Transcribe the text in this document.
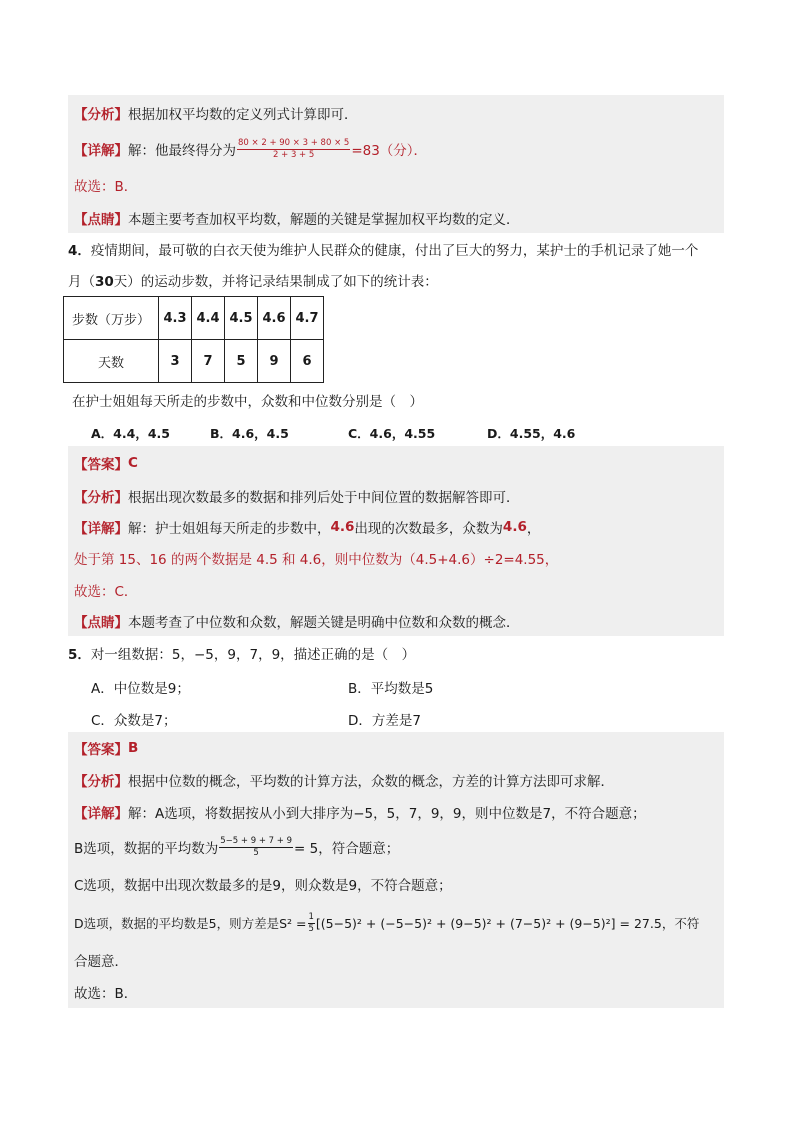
【分析】 根据加权平均数的定义列式计算即可．
【详解】 解：他最终得分为 $\frac{80 \times 2 + 90 \times 3 + 80 \times 5}{2 + 3 + 5} =83$（分）．
故选：B．
【点睛】 本题主要考查加权平均数，解题的关键是掌握加权平均数的定义．
4．疫情期间，最可敬的白衣天使为维护人民群众的健康，付出了巨大的努力，某护士的手机记录了她一个
月（30天）的运动步数，并将记录结果制成了如下的统计表：
步数（万步）	4.3	4.4	4.5	4.6	4.7
天数	3	7	5	9	6
在护士姐姐每天所走的步数中，众数和中位数分别是（　）
A．4.4，4.5	B．4.6，4.5	C．4.6，4.55	D．4.55，4.6
【答案】 C
【分析】 根据出现次数最多的数据和排列后处于中间位置的数据解答即可．
【详解】 解：护士姐姐每天所走的步数中， 4.6 出现的次数最多，众数为 4.6 ，
处于第 15、16 的两个数据是 4.5 和 4.6，则中位数为（4.5+4.6）÷2=4.55，
故选：C．
【点睛】 本题考查了中位数和众数，解题关键是明确中位数和众数的概念．
5．对一组数据：5，−5，9，7，9，描述正确的是（　）
A．中位数是9；	B．平均数是5
C．众数是7；	D．方差是7
【答案】 B
【分析】 根据中位数的概念，平均数的计算方法，众数的概念，方差的计算方法即可求解．
【详解】 解：A选项，将数据按从小到大排序为−5，5，7，9，9，则中位数是7，不符合题意；
B选项，数据的平均数为 $\frac{5-5 + 9 + 7 + 9}{5} = 5$，符合题意；
C选项，数据中出现次数最多的是9，则众数是9，不符合题意；
D选项，数据的平均数是5，则方差是 $S^2 = \frac{1}{5} [(5-5)^2 + (-5-5)^2 + (9-5)^2 + (7-5)^2 + (9-5)^2] = 27.5$ ，不符
合题意．
故选：B．
